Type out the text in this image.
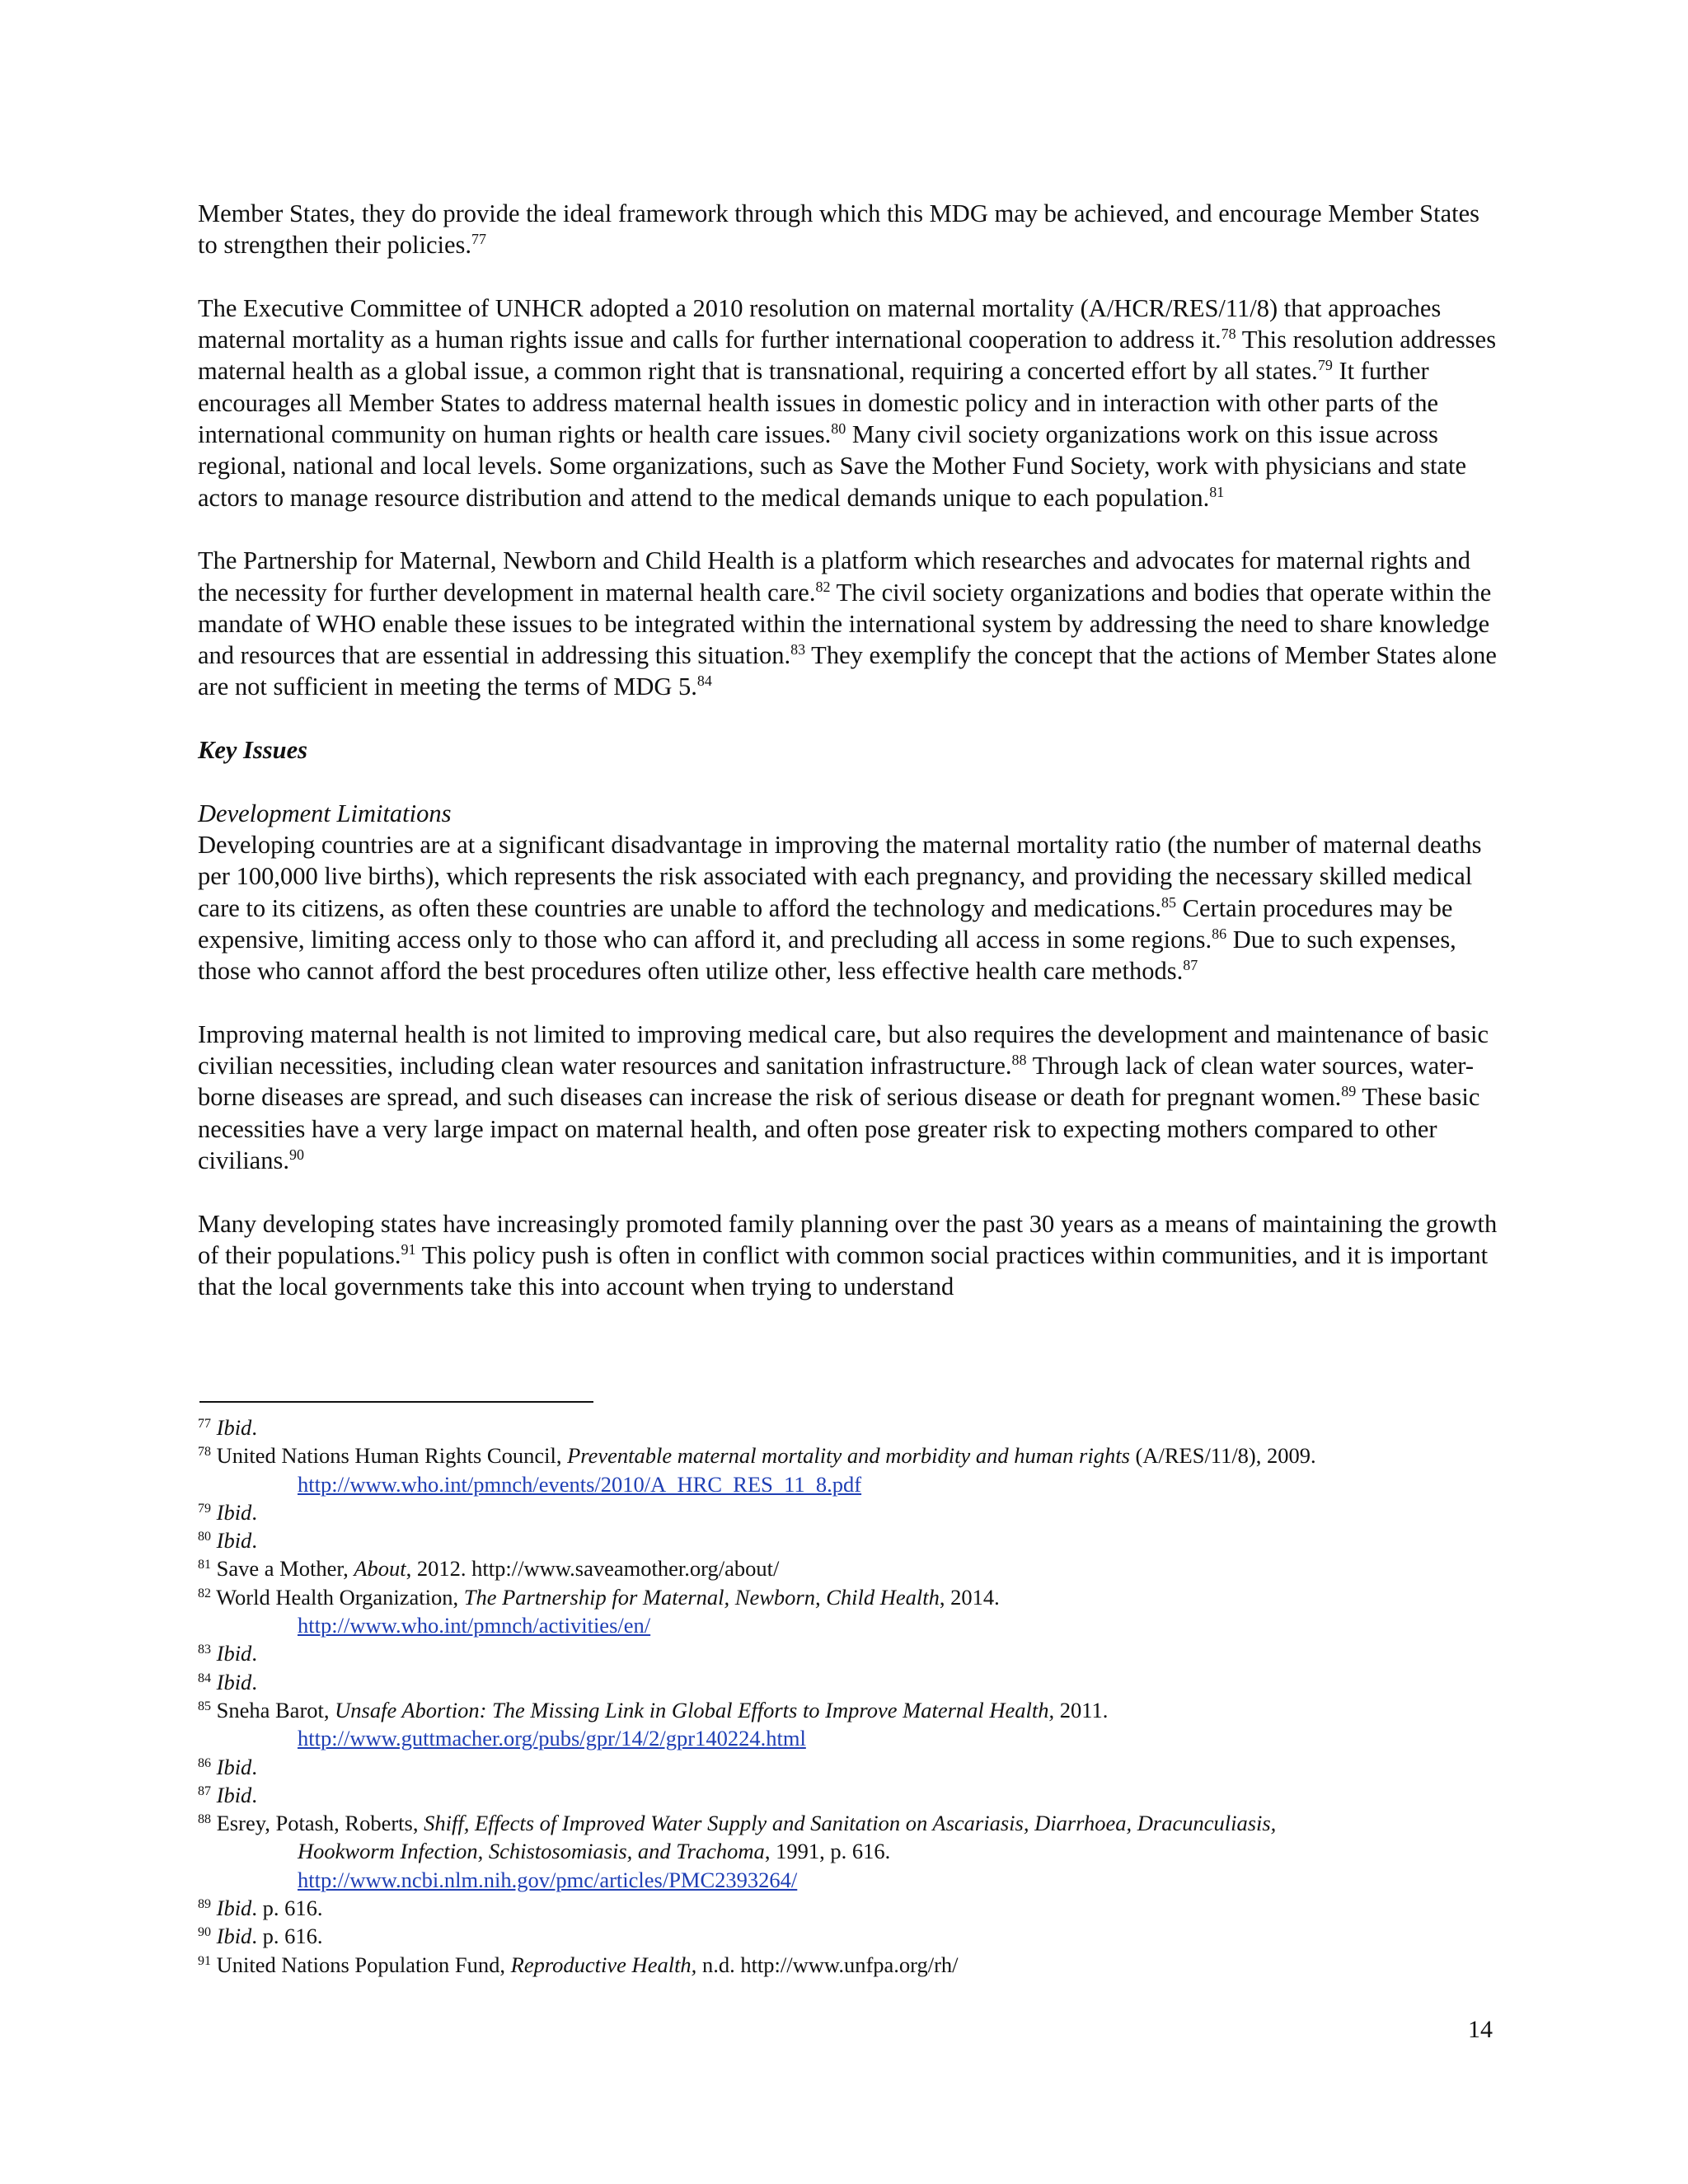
Member States, they do provide the ideal framework through which this MDG may be achieved, and encourage Member States to strengthen their policies.$^{77}$

The Executive Committee of UNHCR adopted a 2010 resolution on maternal mortality (A/HCR/RES/11/8) that approaches maternal mortality as a human rights issue and calls for further international cooperation to address it.$^{78}$ This resolution addresses maternal health as a global issue, a common right that is transnational, requiring a concerted effort by all states.$^{79}$ It further encourages all Member States to address maternal health issues in domestic policy and in interaction with other parts of the international community on human rights or health care issues.$^{80}$ Many civil society organizations work on this issue across regional, national and local levels. Some organizations, such as Save the Mother Fund Society, work with physicians and state actors to manage resource distribution and attend to the medical demands unique to each population.$^{81}$

The Partnership for Maternal, Newborn and Child Health is a platform which researches and advocates for maternal rights and the necessity for further development in maternal health care.$^{82}$ The civil society organizations and bodies that operate within the mandate of WHO enable these issues to be integrated within the international system by addressing the need to share knowledge and resources that are essential in addressing this situation.$^{83}$ They exemplify the concept that the actions of Member States alone are not sufficient in meeting the terms of MDG 5.84

Key Issues

Development Limitations

Developing countries are at a significant disadvantage in improving the maternal mortality ratio (the number of maternal deaths per 100,000 live births), which represents the risk associated with each pregnancy, and providing the necessary skilled medical care to its citizens, as often these countries are unable to afford the technology and medications.$^{85}$ Certain procedures may be expensive, limiting access only to those who can afford it, and precluding all access in some regions.$^{86}$ Due to such expenses, those who cannot afford the best procedures often utilize other, less effective health care methods.$^{87}$

Improving maternal health is not limited to improving medical care, but also requires the development and maintenance of basic civilian necessities, including clean water resources and sanitation infrastructure.$^{88}$ Through lack of clean water sources, water-borne diseases are spread, and such diseases can increase the risk of serious disease or death for pregnant women.$^{89}$ These basic necessities have a very large impact on maternal health, and often pose greater risk to expecting mothers compared to other civilians.$^{90}$

Many developing states have increasingly promoted family planning over the past 30 years as a means of maintaining the growth of their populations.$^{91}$ This policy push is often in conflict with common social practices within communities, and it is important that the local governments take this into account when trying to understand

$^{77}$ Ibid.

$^{78}$ United Nations Human Rights Council, Preventable maternal mortality and morbidity and human rights (A/RES/11/8), 2009.
http://www.who.int/pmnch/events/2010/A_HRC_RES_11_8.pdf

$^{79}$ Ibid.

$^{80}$ Ibid.

$^{81}$ Save a Mother, About, 2012. http://www.saveamother.org/about/

$^{82}$ World Health Organization, The Partnership for Maternal, Newborn, Child Health, 2014.
http://www.who.int/pmnch/activities/en/

$^{83}$ Ibid.

$^{84}$ Ibid.

$^{85}$ Sneha Barot, Unsafe Abortion: The Missing Link in Global Efforts to Improve Maternal Health, 2011.
http://www.guttmacher.org/pubs/gpr/14/2/gpr140224.html

$^{86}$ Ibid.

$^{87}$ Ibid.

$^{88}$ Esrey, Potash, Roberts, Shiff, Effects of Improved Water Supply and Sanitation on Ascariasis, Diarrhoea, Dracunculiasis,
Hookworm Infection, Schistosomiasis, and Trachoma, 1991, p. 616.
http://www.ncbi.nlm.nih.gov/pmc/articles/PMC2393264/

$^{89}$ Ibid. p. 616.

$^{90}$ Ibid. p. 616.

$^{91}$ United Nations Population Fund, Reproductive Health, n.d. http://www.unfpa.org/rh/

14
